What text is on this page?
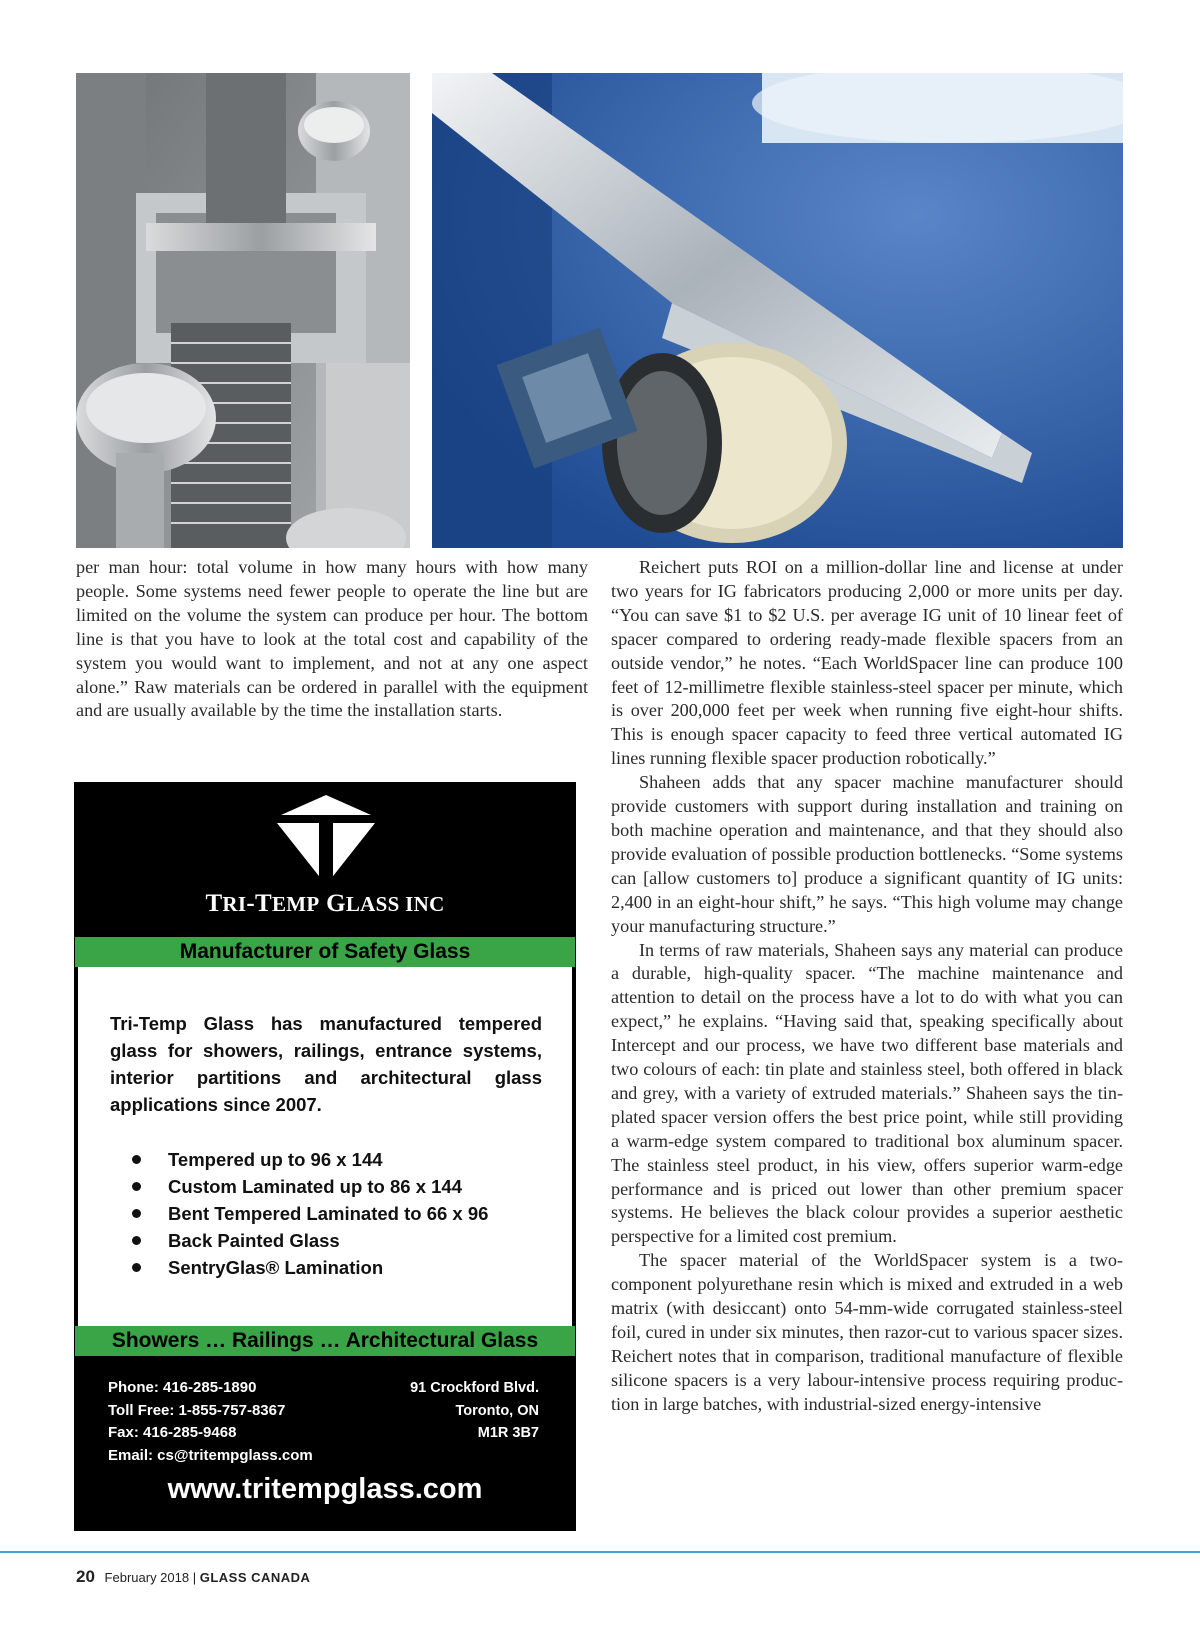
per man hour: total volume in how many hours with how many people. Some systems need fewer people to operate the line but are limited on the volume the system can produce per hour. The bottom line is that you have to look at the total cost and capability of the system you would want to implement, and not at any one aspect alone.” Raw materials can be ordered in parallel with the equipment and are usually available by the time the installation starts.

Reichert puts ROI on a million-dollar line and license at under two years for IG fabricators producing 2,000 or more units per day. “You can save $1 to $2 U.S. per average IG unit of 10 linear feet of spacer compared to ordering ready-made flexible spacers from an outside vendor,” he notes. “Each WorldSpacer line can produce 100 feet of 12-millimetre flexible stainless-steel spacer per minute, which is over 200,000 feet per week when running five eight-hour shifts. This is enough spacer capacity to feed three vertical automated IG lines running flexible spacer production robotically.”

Shaheen adds that any spacer machine manufacturer should provide customers with support during installation and training on both machine operation and maintenance, and that they should also provide evaluation of possible production bottlenecks. “Some systems can [allow customers to] produce a significant quantity of IG units: 2,400 in an eight-hour shift,” he says. “This high volume may change your manufacturing structure.”

In terms of raw materials, Shaheen says any material can produce a durable, high-quality spacer. “The machine maintenance and attention to detail on the process have a lot to do with what you can expect,” he explains. “Having said that, speaking specifically about Intercept and our process, we have two different base materials and two colours of each: tin plate and stainless steel, both offered in black and grey, with a variety of extruded materials.” Shaheen says the tin-plated spacer version offers the best price point, while still providing a warm-edge system compared to traditional box aluminum spacer. The stainless steel product, in his view, offers superior warm-edge performance and is priced out lower than other premium spacer systems. He believes the black colour provides a superior aesthetic perspective for a limited cost premium.

The spacer material of the WorldSpacer system is a two-component polyurethane resin which is mixed and extruded in a web matrix (with desiccant) onto 54-mm-wide corrugated stainless-steel foil, cured in under six minutes, then razor-cut to various spacer sizes. Reichert notes that in comparison, traditional manufacture of flexible silicone spacers is a very labour-intensive process requiring production in large batches, with industrial-sized energy-intensive

TRI-TEMP GLASS INC
Manufacturer of Safety Glass
Tri-Temp Glass has manufactured tempered glass for showers, railings, entrance systems, interior partitions and architectural glass applications since 2007.
Tempered up to 96 x 144
Custom Laminated up to 86 x 144
Bent Tempered Laminated to 66 x 96
Back Painted Glass
SentryGlas® Lamination
Showers … Railings … Architectural Glass
Phone: 416-285-1890
Toll Free: 1-855-757-8367
Fax: 416-285-9468
Email: cs@tritempglass.com
91 Crockford Blvd.
Toronto, ON
M1R 3B7
www.tritempglass.com
20 February 2018 | GLASS CANADA
